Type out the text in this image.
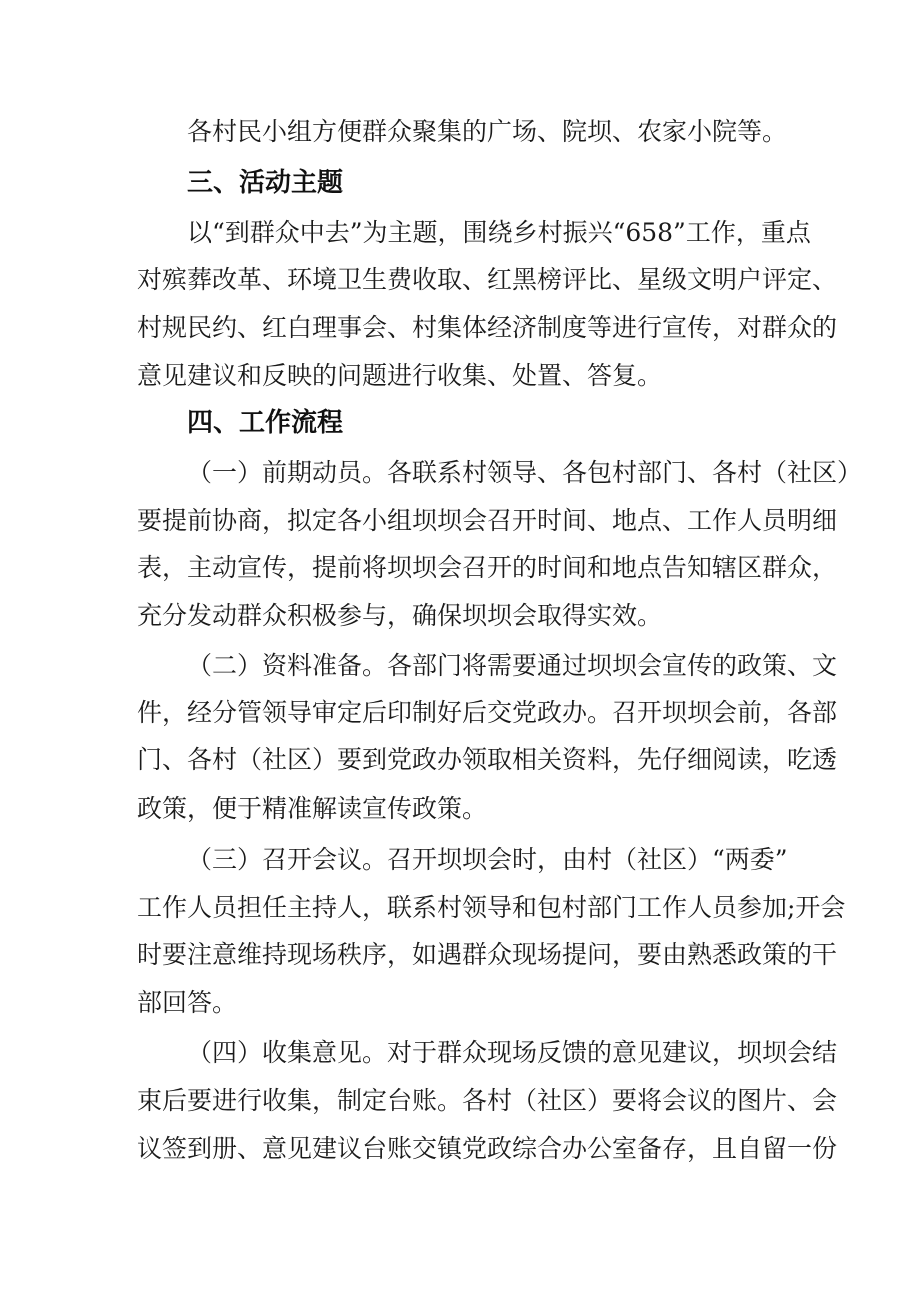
各村民小组方便群众聚集的广场、院坝、农家小院等。
三、活动主题
以“到群众中去”为主题，围绕乡村振兴“658”工作，重点
对殡葬改革、环境卫生费收取、红黑榜评比、星级文明户评定、
村规民约、红白理事会、村集体经济制度等进行宣传，对群众的
意见建议和反映的问题进行收集、处置、答复。
四、工作流程
（一）前期动员。各联系村领导、各包村部门、各村（社区）
要提前协商，拟定各小组坝坝会召开时间、地点、工作人员明细
表，主动宣传，提前将坝坝会召开的时间和地点告知辖区群众，
充分发动群众积极参与，确保坝坝会取得实效。
（二）资料准备。各部门将需要通过坝坝会宣传的政策、文
件，经分管领导审定后印制好后交党政办。召开坝坝会前，各部
门、各村（社区）要到党政办领取相关资料，先仔细阅读，吃透
政策，便于精准解读宣传政策。
（三）召开会议。召开坝坝会时，由村（社区）“两委”
工作人员担任主持人，联系村领导和包村部门工作人员参加;开会
时要注意维持现场秩序，如遇群众现场提问，要由熟悉政策的干
部回答。
（四）收集意见。对于群众现场反馈的意见建议，坝坝会结
束后要进行收集，制定台账。各村（社区）要将会议的图片、会
议签到册、意见建议台账交镇党政综合办公室备存，且自留一份
